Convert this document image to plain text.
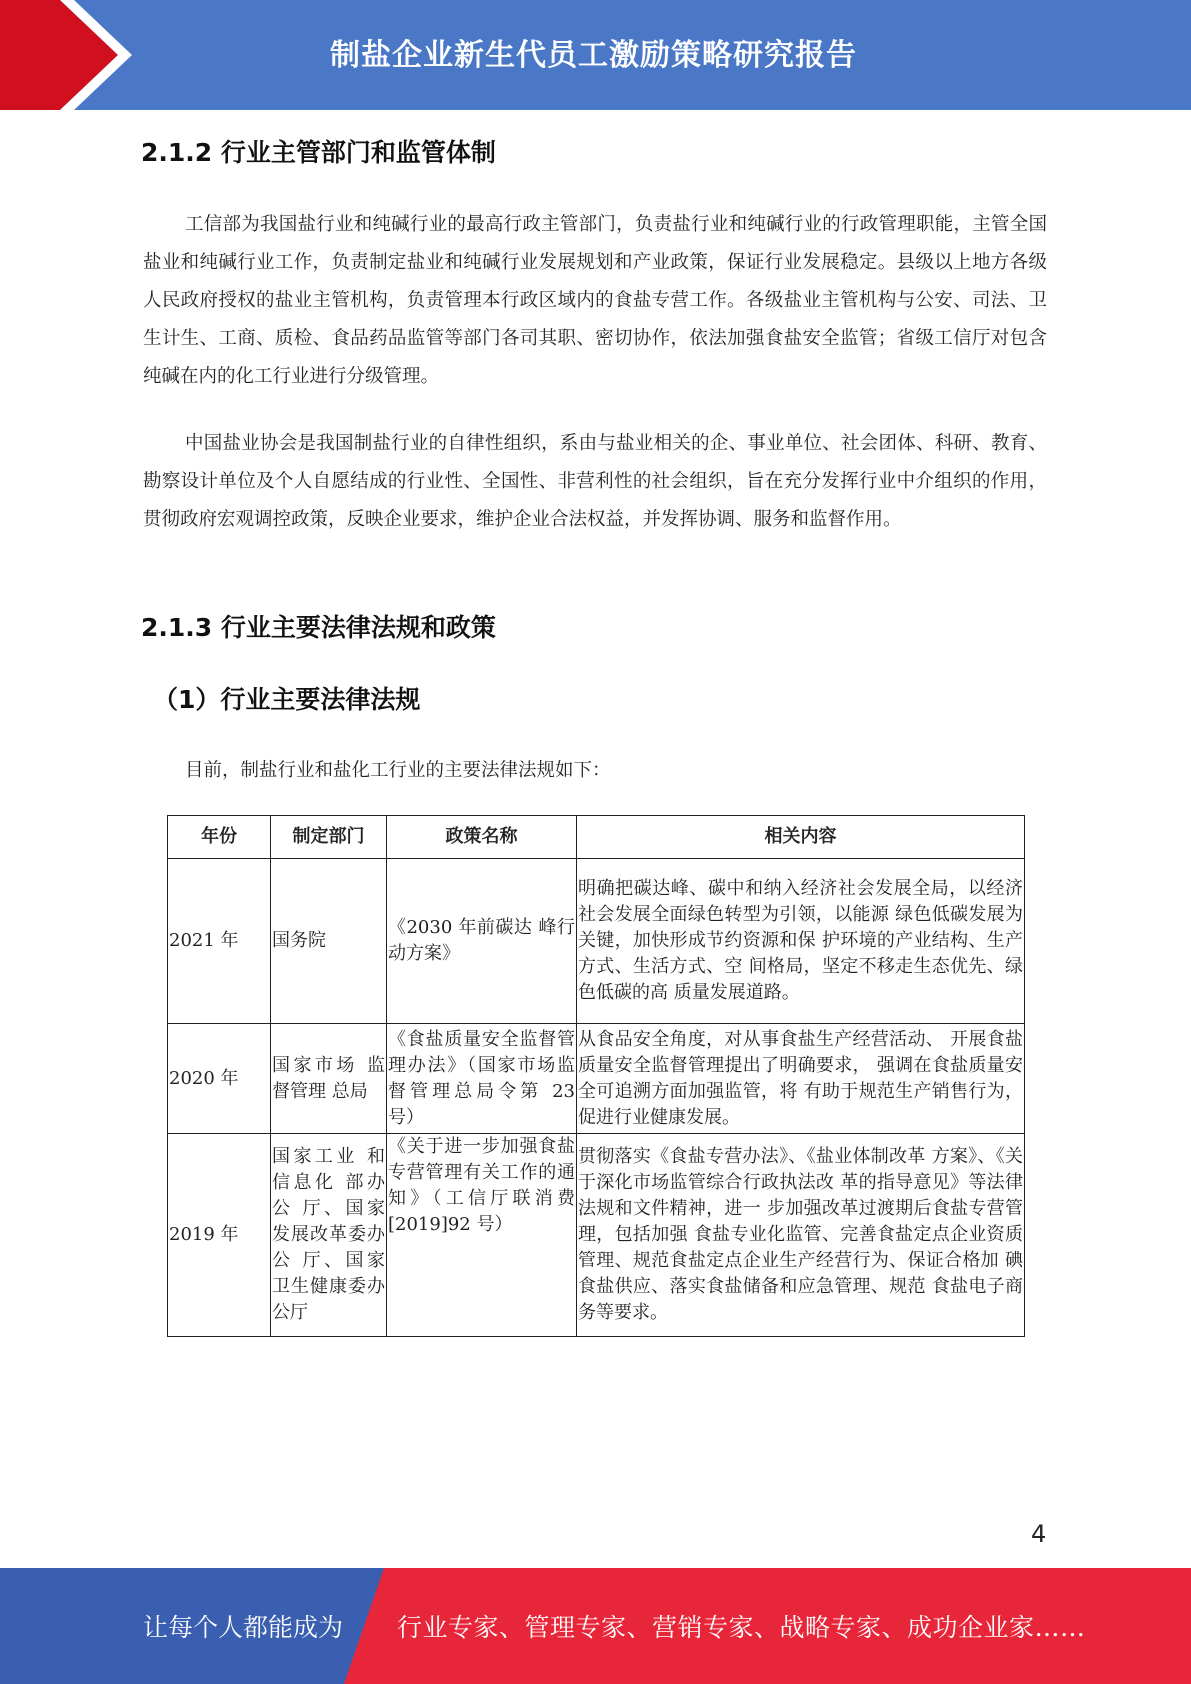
制盐企业新生代员工激励策略研究报告
2.1.2 行业主管部门和监管体制

工信部为我国盐行业和纯碱行业的最高行政主管部门，负责盐行业和纯碱行业的行政管理职能，主管全国盐业和纯碱行业工作，负责制定盐业和纯碱行业发展规划和产业政策，保证行业发展稳定。县级以上地方各级人民政府授权的盐业主管机构，负责管理本行政区域内的食盐专营工作。各级盐业主管机构与公安、司法、卫生计生、工商、质检、食品药品监管等部门各司其职、密切协作，依法加强食盐安全监管；省级工信厅对包含纯碱在内的化工行业进行分级管理。

中国盐业协会是我国制盐行业的自律性组织，系由与盐业相关的企、事业单位、社会团体、科研、教育、勘察设计单位及个人自愿结成的行业性、全国性、非营利性的社会组织，旨在充分发挥行业中介组织的作用，贯彻政府宏观调控政策，反映企业要求，维护企业合法权益，并发挥协调、服务和监督作用。

2.1.3 行业主要法律法规和政策
（1）行业主要法律法规

目前，制盐行业和盐化工行业的主要法律法规如下：

年份	制定部门	政策名称	相关内容
2021 年	国务院	《2030 年前碳达 峰行动方案》	明确把碳达峰、碳中和纳入经济社会发展全局，以经济社会发展全面绿色转型为引领，以能源 绿色低碳发展为关键，加快形成节约资源和保 护环境的产业结构、生产方式、生活方式、空 间格局，坚定不移走生态优先、绿色低碳的高 质量发展道路。
2020 年	国家市场 监督管理 总局	《食盐质量安全监督管理办法》（国家市场监督管理总局令第 23 号）	从食品安全角度，对从事食盐生产经营活动、 开展食盐质量安全监督管理提出了明确要求， 强调在食盐质量安全可追溯方面加强监管，将 有助于规范生产销售行为，促进行业健康发展。
2019 年	国家工业 和信息化 部办公 厅、国家发展改革委办公 厅、国家 卫生健康委办公厅	《关于进一步加强食盐专营管理有关工作的通知》（工信厅联消费 [2019]92 号）	贯彻落实《食盐专营办法》、《盐业体制改革 方案》、《关于深化市场监管综合行政执法改 革的指导意见》等法律法规和文件精神，进一 步加强改革过渡期后食盐专营管理，包括加强 食盐专业化监管、完善食盐定点企业资质管理、规范食盐定点企业生产经营行为、保证合格加 碘食盐供应、落实食盐储备和应急管理、规范 食盐电子商务等要求。
4
让每个人都能成为 行业专家、管理专家、营销专家、战略专家、成功企业家……
